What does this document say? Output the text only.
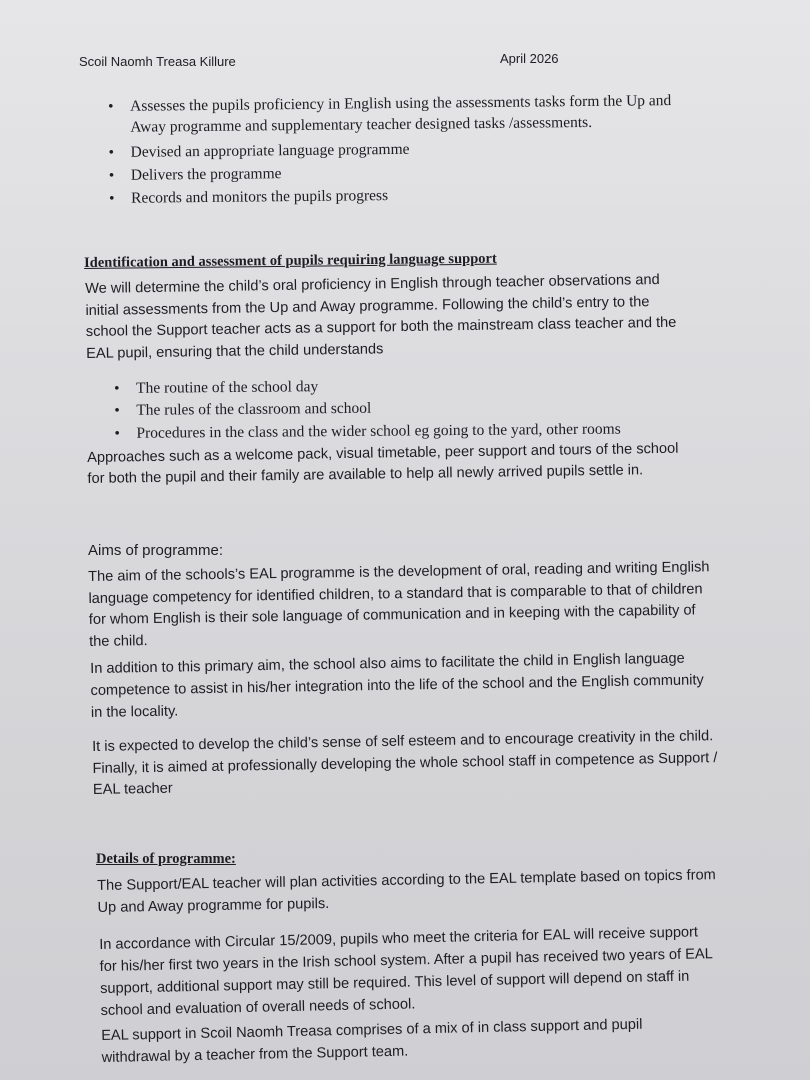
Scoil Naomh Treasa Killure	April 2026
• Assesses the pupils proficiency in English using the assessments tasks form the Up and Away programme and supplementary teacher designed tasks /assessments.
• Devised an appropriate language programme
• Delivers the programme
• Records and monitors the pupils progress
Identification and assessment of pupils requiring language support

We will determine the child’s oral proficiency in English through teacher observations and initial assessments from the Up and Away programme. Following the child’s entry to the school the Support teacher acts as a support for both the mainstream class teacher and the EAL pupil, ensuring that the child understands

• The routine of the school day
• The rules of the classroom and school
• Procedures in the class and the wider school eg going to the yard, other rooms

Approaches such as a welcome pack, visual timetable, peer support and tours of the school for both the pupil and their family are available to help all newly arrived pupils settle in.

Aims of programme:

The aim of the schools’s EAL programme is the development of oral, reading and writing English language competency for identified children, to a standard that is comparable to that of children for whom English is their sole language of communication and in keeping with the capability of the child.

In addition to this primary aim, the school also aims to facilitate the child in English language competence to assist in his/her integration into the life of the school and the English community in the locality.

It is expected to develop the child’s sense of self esteem and to encourage creativity in the child. Finally, it is aimed at professionally developing the whole school staff in competence as Support / EAL teacher

Details of programme:

The Support/EAL teacher will plan activities according to the EAL template based on topics from Up and Away programme for pupils.

In accordance with Circular 15/2009, pupils who meet the criteria for EAL will receive support for his/her first two years in the Irish school system. After a pupil has received two years of EAL support, additional support may still be required. This level of support will depend on staff in school and evaluation of overall needs of school.

EAL support in Scoil Naomh Treasa comprises of a mix of in class support and pupil withdrawal by a teacher from the Support team.
